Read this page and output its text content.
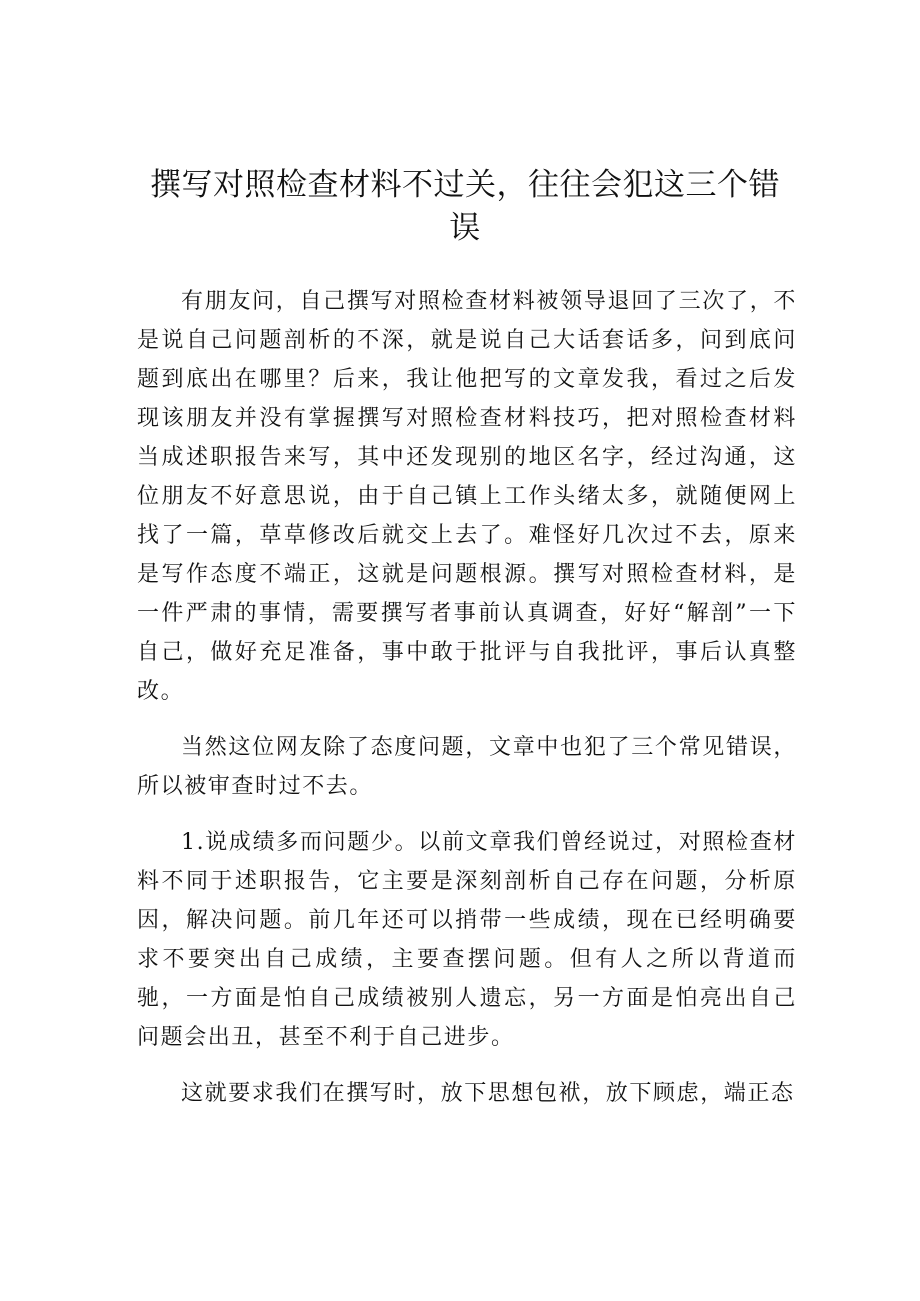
撰写对照检查材料不过关，往往会犯这三个错误

有朋友问，自己撰写对照检查材料被领导退回了三次了，不是说自己问题剖析的不深，就是说自己大话套话多，问到底问题到底出在哪里？后来，我让他把写的文章发我，看过之后发现该朋友并没有掌握撰写对照检查材料技巧，把对照检查材料当成述职报告来写，其中还发现别的地区名字，经过沟通，这位朋友不好意思说，由于自己镇上工作头绪太多，就随便网上找了一篇，草草修改后就交上去了。难怪好几次过不去，原来是写作态度不端正，这就是问题根源。撰写对照检查材料，是一件严肃的事情，需要撰写者事前认真调查，好好“解剖”一下自己，做好充足准备，事中敢于批评与自我批评，事后认真整改。

当然这位网友除了态度问题，文章中也犯了三个常见错误，所以被审查时过不去。

1.说成绩多而问题少。以前文章我们曾经说过，对照检查材料不同于述职报告，它主要是深刻剖析自己存在问题，分析原因，解决问题。前几年还可以捎带一些成绩，现在已经明确要求不要突出自己成绩，主要查摆问题。但有人之所以背道而驰，一方面是怕自己成绩被别人遗忘，另一方面是怕亮出自己问题会出丑，甚至不利于自己进步。

这就要求我们在撰写时，放下思想包袱，放下顾虑，端正态
